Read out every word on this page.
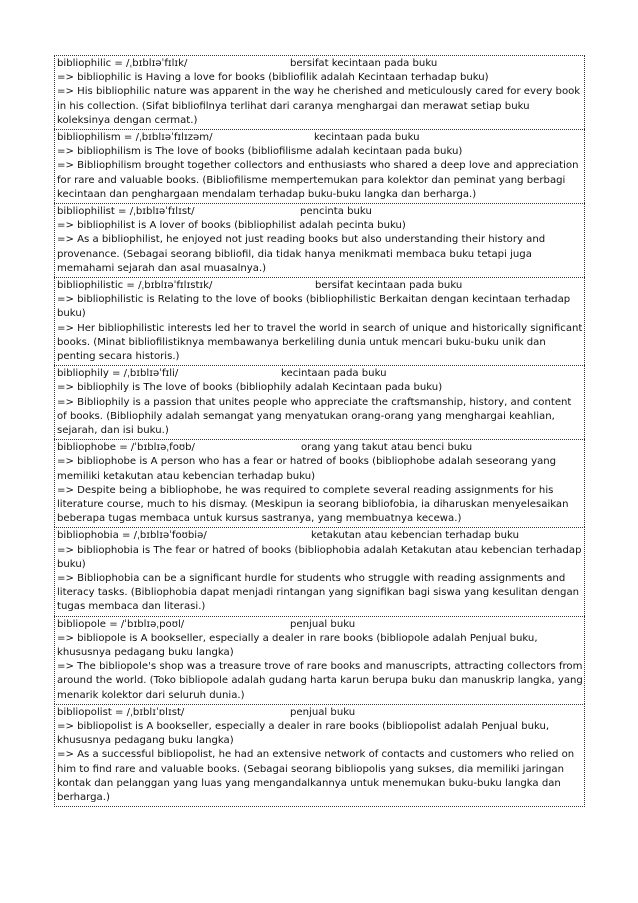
bibliophilic = /ˌbɪblɪəˈfɪlɪk/	bersifat kecintaan pada buku
=> bibliophilic is Having a love for books (bibliofilik adalah Kecintaan terhadap buku)
=> His bibliophilic nature was apparent in the way he cherished and meticulously cared for every book in his collection. (Sifat bibliofilnya terlihat dari caranya menghargai dan merawat setiap buku koleksinya dengan cermat.)
bibliophilism = /ˌbɪblɪəˈfɪlɪzəm/	kecintaan pada buku
=> bibliophilism is The love of books (bibliofilisme adalah kecintaan pada buku)
=> Bibliophilism brought together collectors and enthusiasts who shared a deep love and appreciation for rare and valuable books. (Bibliofilisme mempertemukan para kolektor dan peminat yang berbagi kecintaan dan penghargaan mendalam terhadap buku-buku langka dan berharga.)
bibliophilist = /ˌbɪblɪəˈfɪlɪst/	pencinta buku
=> bibliophilist is A lover of books (bibliophilist adalah pecinta buku)
=> As a bibliophilist, he enjoyed not just reading books but also understanding their history and provenance. (Sebagai seorang bibliofil, dia tidak hanya menikmati membaca buku tetapi juga memahami sejarah dan asal muasalnya.)
bibliophilistic = /ˌbɪblɪəˈfɪlɪstɪk/	bersifat kecintaan pada buku
=> bibliophilistic is Relating to the love of books (bibliophilistic Berkaitan dengan kecintaan terhadap buku)
=> Her bibliophilistic interests led her to travel the world in search of unique and historically significant books. (Minat bibliofilistiknya membawanya berkeliling dunia untuk mencari buku-buku unik dan penting secara historis.)
bibliophily = /ˌbɪblɪəˈfɪli/	kecintaan pada buku
=> bibliophily is The love of books (bibliophily adalah Kecintaan pada buku)
=> Bibliophily is a passion that unites people who appreciate the craftsmanship, history, and content of books. (Bibliophily adalah semangat yang menyatukan orang-orang yang menghargai keahlian, sejarah, dan isi buku.)
bibliophobe = /ˈbɪblɪəˌfoʊb/	orang yang takut atau benci buku
=> bibliophobe is A person who has a fear or hatred of books (bibliophobe adalah seseorang yang memiliki ketakutan atau kebencian terhadap buku)
=> Despite being a bibliophobe, he was required to complete several reading assignments for his literature course, much to his dismay. (Meskipun ia seorang bibliofobia, ia diharuskan menyelesaikan beberapa tugas membaca untuk kursus sastranya, yang membuatnya kecewa.)
bibliophobia = /ˌbɪblɪəˈfoʊbiə/	ketakutan atau kebencian terhadap buku
=> bibliophobia is The fear or hatred of books (bibliophobia adalah Ketakutan atau kebencian terhadap buku)
=> Bibliophobia can be a significant hurdle for students who struggle with reading assignments and literacy tasks. (Bibliophobia dapat menjadi rintangan yang signifikan bagi siswa yang kesulitan dengan tugas membaca dan literasi.)
bibliopole = /ˈbɪblɪəˌpoʊl/	penjual buku
=> bibliopole is A bookseller, especially a dealer in rare books (bibliopole adalah Penjual buku, khususnya pedagang buku langka)
=> The bibliopole's shop was a treasure trove of rare books and manuscripts, attracting collectors from around the world. (Toko bibliopole adalah gudang harta karun berupa buku dan manuskrip langka, yang menarik kolektor dari seluruh dunia.)
bibliopolist = /ˌbɪblɪˈɒlɪst/	penjual buku
=> bibliopolist is A bookseller, especially a dealer in rare books (bibliopolist adalah Penjual buku, khususnya pedagang buku langka)
=> As a successful bibliopolist, he had an extensive network of contacts and customers who relied on him to find rare and valuable books. (Sebagai seorang bibliopolis yang sukses, dia memiliki jaringan kontak dan pelanggan yang luas yang mengandalkannya untuk menemukan buku-buku langka dan berharga.)
